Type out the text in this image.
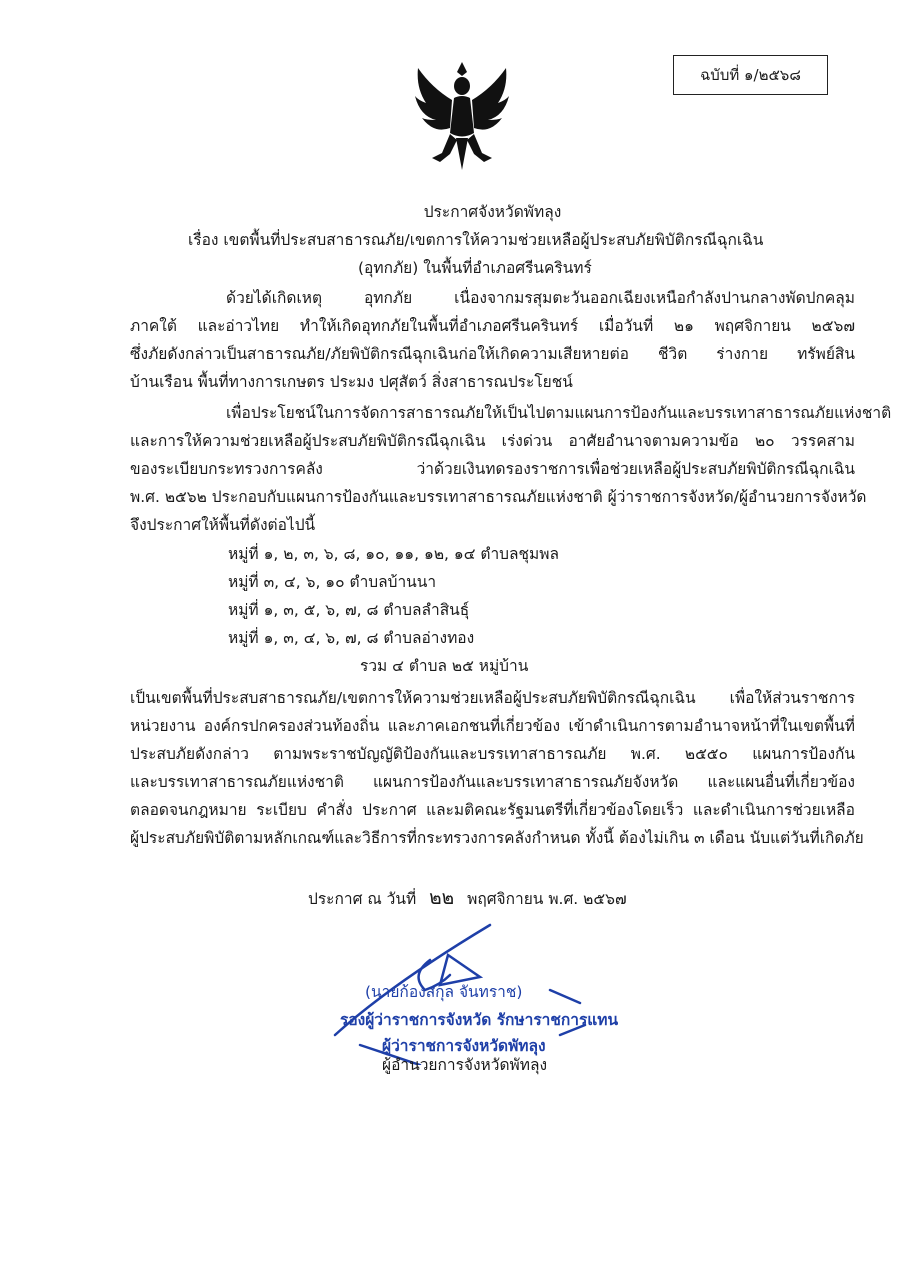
ฉบับที่ ๑/๒๕๖๘
ประกาศจังหวัดพัทลุง
เรื่อง เขตพื้นที่ประสบสาธารณภัย/เขตการให้ความช่วยเหลือผู้ประสบภัยพิบัติกรณีฉุกเฉิน
(อุทกภัย) ในพื้นที่อำเภอศรีนครินทร์
ด้วยได้เกิดเหตุ อุทกภัย เนื่องจากมรสุมตะวันออกเฉียงเหนือกำลังปานกลางพัดปกคลุม
ภาคใต้ และอ่าวไทย ทำให้เกิดอุทกภัยในพื้นที่อำเภอศรีนครินทร์ เมื่อวันที่ ๒๑ พฤศจิกายน ๒๕๖๗
ซึ่งภัยดังกล่าวเป็นสาธารณภัย/ภัยพิบัติกรณีฉุกเฉินก่อให้เกิดความเสียหายต่อ ชีวิต ร่างกาย ทรัพย์สิน
บ้านเรือน พื้นที่ทางการเกษตร ประมง ปศุสัตว์ สิ่งสาธารณประโยชน์
เพื่อประโยชน์ในการจัดการสาธารณภัยให้เป็นไปตามแผนการป้องกันและบรรเทาสาธารณภัยแห่งชาติ
และการให้ความช่วยเหลือผู้ประสบภัยพิบัติกรณีฉุกเฉิน เร่งด่วน อาศัยอำนาจตามความข้อ ๒๐ วรรคสาม
ของระเบียบกระทรวงการคลัง ว่าด้วยเงินทดรองราชการเพื่อช่วยเหลือผู้ประสบภัยพิบัติกรณีฉุกเฉิน
พ.ศ. ๒๕๖๒ ประกอบกับแผนการป้องกันและบรรเทาสาธารณภัยแห่งชาติ ผู้ว่าราชการจังหวัด/ผู้อำนวยการจังหวัด
จึงประกาศให้พื้นที่ดังต่อไปนี้
หมู่ที่ ๑, ๒, ๓, ๖, ๘, ๑๐, ๑๑, ๑๒, ๑๔ ตำบลชุมพล
หมู่ที่ ๓, ๔, ๖, ๑๐ ตำบลบ้านนา
หมู่ที่ ๑, ๓, ๕, ๖, ๗, ๘ ตำบลลำสินธุ์
หมู่ที่ ๑, ๓, ๔, ๖, ๗, ๘ ตำบลอ่างทอง
รวม ๔ ตำบล ๒๕ หมู่บ้าน
เป็นเขตพื้นที่ประสบสาธารณภัย/เขตการให้ความช่วยเหลือผู้ประสบภัยพิบัติกรณีฉุกเฉิน เพื่อให้ส่วนราชการ
หน่วยงาน องค์กรปกครองส่วนท้องถิ่น และภาคเอกชนที่เกี่ยวข้อง เข้าดำเนินการตามอำนาจหน้าที่ในเขตพื้นที่
ประสบภัยดังกล่าว ตามพระราชบัญญัติป้องกันและบรรเทาสาธารณภัย พ.ศ. ๒๕๕๐ แผนการป้องกัน
และบรรเทาสาธารณภัยแห่งชาติ แผนการป้องกันและบรรเทาสาธารณภัยจังหวัด และแผนอื่นที่เกี่ยวข้อง
ตลอดจนกฎหมาย ระเบียบ คำสั่ง ประกาศ และมติคณะรัฐมนตรีที่เกี่ยวข้องโดยเร็ว และดำเนินการช่วยเหลือ
ผู้ประสบภัยพิบัติตามหลักเกณฑ์และวิธีการที่กระทรวงการคลังกำหนด ทั้งนี้ ต้องไม่เกิน ๓ เดือน นับแต่วันที่เกิดภัย
ประกาศ ณ วันที่ ๒๒ พฤศจิกายน พ.ศ. ๒๕๖๗
(นายก้องสกุล จันทราช)
รองผู้ว่าราชการจังหวัด รักษาราชการแทน
ผู้ว่าราชการจังหวัดพัทลุง
ผู้อำนวยการจังหวัดพัทลุง
